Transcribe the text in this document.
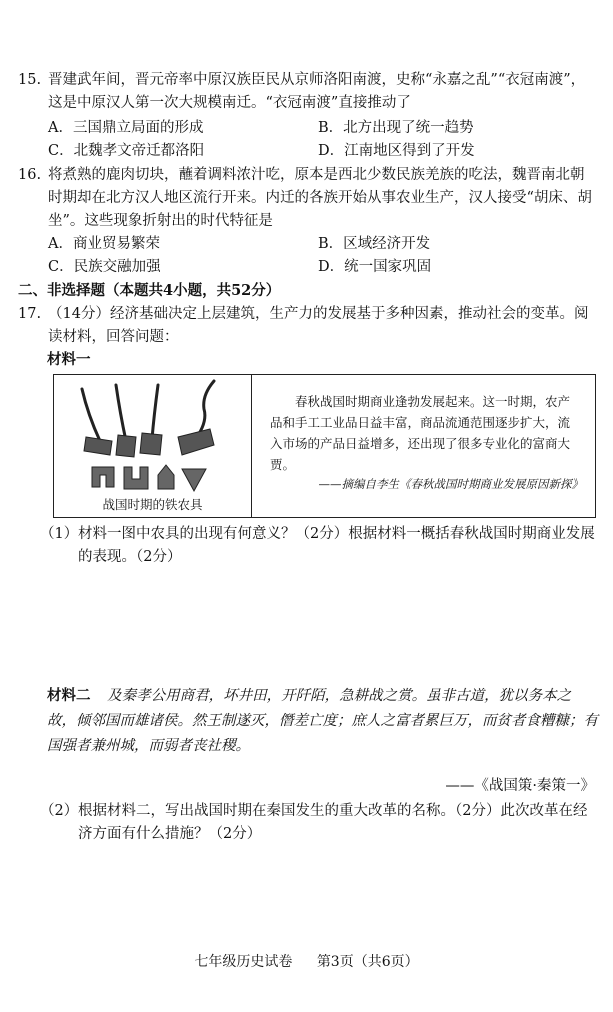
15. 晋建武年间，晋元帝率中原汉族臣民从京师洛阳南渡，史称“永嘉之乱”“衣冠南渡”，这是中原汉人第一次大规模南迁。“衣冠南渡”直接推动了
A．三国鼎立局面的形成	B．北方出现了统一趋势
C．北魏孝文帝迁都洛阳	D．江南地区得到了开发
16. 将煮熟的鹿肉切块，蘸着调料浓汁吃，原本是西北少数民族羌族的吃法，魏晋南北朝时期却在北方汉人地区流行开来。内迁的各族开始从事农业生产，汉人接受“胡床、胡坐”。这些现象折射出的时代特征是
A．商业贸易繁荣	B．区域经济开发
C．民族交融加强	D．统一国家巩固
二、非选择题（本题共4小题，共52分）
17. （14分）经济基础决定上层建筑，生产力的发展基于多种因素，推动社会的变革。阅读材料，回答问题：
材料一
战国时期的铁农具
春秋战国时期商业逢勃发展起来。这一时期，农产品和手工工业品日益丰富，商品流通范围逐步扩大，流入市场的产品日益增多，还出现了很多专业化的富商大贾。
——摘编自李生《春秋战国时期商业发展原因新探》
（1） 材料一图中农具的出现有何意义？（2分）根据材料一概括春秋战国时期商业发展的表现。（2分）
材料二 及秦孝公用商君，坏井田，开阡陌，急耕战之赏。虽非古道，犹以务本之故，倾邻国而雄诸侯。然王制遂灭，僭差亡度；庶人之富者累巨万，而贫者食糟糠；有国强者兼州城，而弱者丧社稷。
——《战国策·秦策一》
（2） 根据材料二，写出战国时期在秦国发生的重大改革的名称。（2分）此次改革在经济方面有什么措施？（2分）
七年级历史试卷 第3页（共6页）
